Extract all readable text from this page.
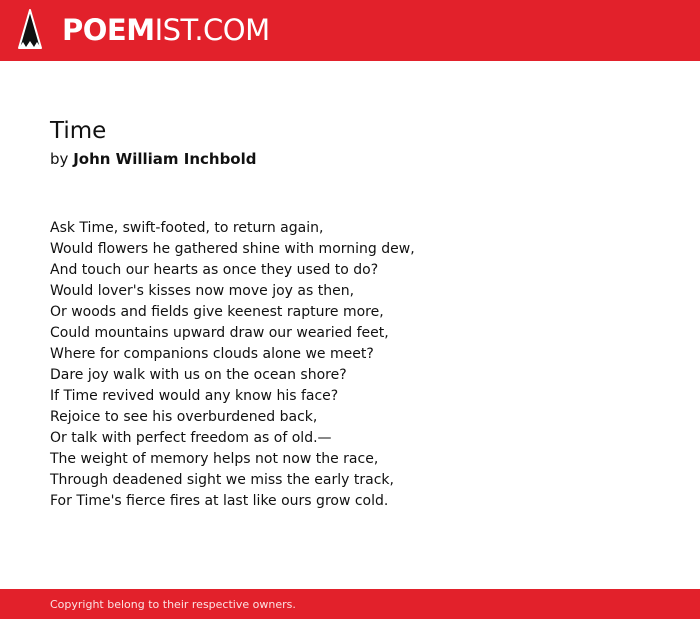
POEMIST.COM
Time
by John William Inchbold
Ask Time, swift-footed, to return again,
Would flowers he gathered shine with morning dew,
And touch our hearts as once they used to do?
Would lover's kisses now move joy as then,
Or woods and fields give keenest rapture more,
Could mountains upward draw our wearied feet,
Where for companions clouds alone we meet?
Dare joy walk with us on the ocean shore?
If Time revived would any know his face?
Rejoice to see his overburdened back,
Or talk with perfect freedom as of old.—
The weight of memory helps not now the race,
Through deadened sight we miss the early track,
For Time's fierce fires at last like ours grow cold.
Copyright belong to their respective owners.
